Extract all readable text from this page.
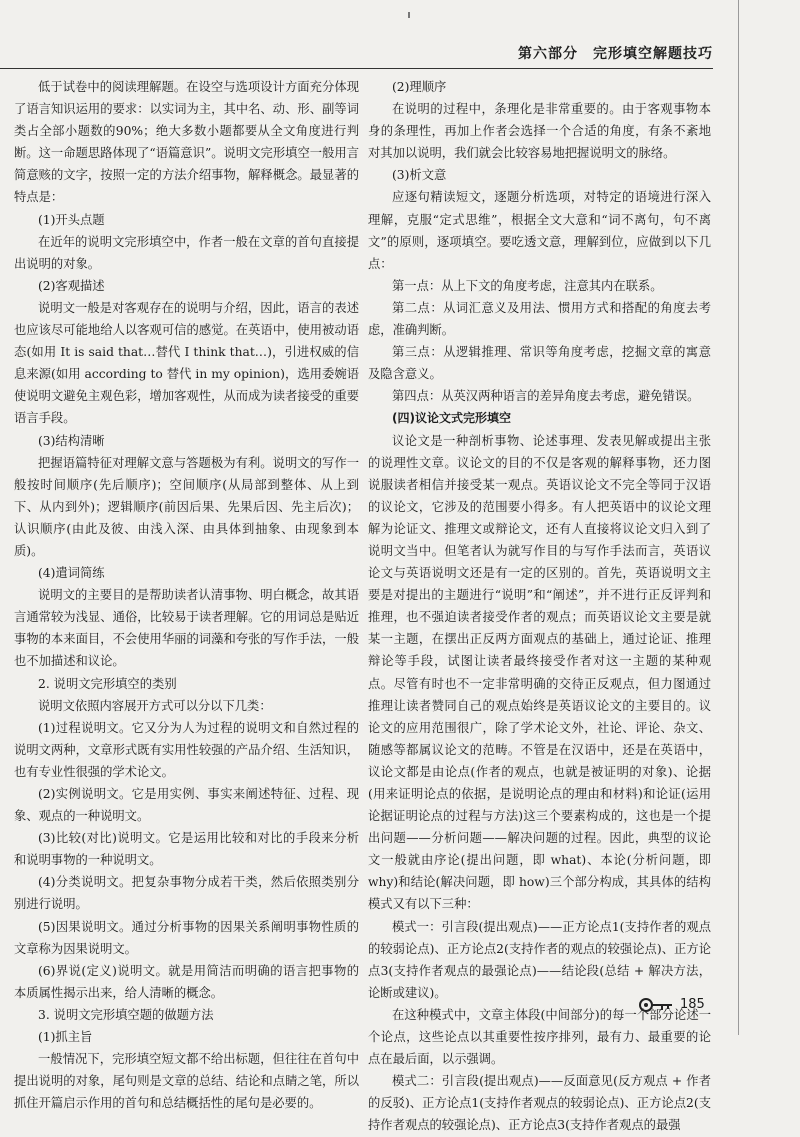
第六部分　完形填空解题技巧

低于试卷中的阅读理解题。在设空与选项设计方面充分体现了语言知识运用的要求：以实词为主，其中名、动、形、副等词类占全部小题数的90%；绝大多数小题都要从全文角度进行判断。这一命题思路体现了“语篇意识”。说明文完形填空一般用言简意赅的文字，按照一定的方法介绍事物，解释概念。最显著的特点是：

(1)开头点题

在近年的说明文完形填空中，作者一般在文章的首句直接提出说明的对象。

(2)客观描述

说明文一般是对客观存在的说明与介绍，因此，语言的表述也应该尽可能地给人以客观可信的感觉。在英语中，使用被动语态(如用 It is said that…替代 I think that…)，引进权威的信息来源(如用 according to 替代 in my opinion)，选用委婉语使说明文避免主观色彩，增加客观性，从而成为读者接受的重要语言手段。

(3)结构清晰

把握语篇特征对理解文意与答题极为有利。说明文的写作一般按时间顺序(先后顺序)；空间顺序(从局部到整体、从上到下、从内到外)；逻辑顺序(前因后果、先果后因、先主后次)；认识顺序(由此及彼、由浅入深、由具体到抽象、由现象到本质)。

(4)遣词简练

说明文的主要目的是帮助读者认清事物、明白概念，故其语言通常较为浅显、通俗，比较易于读者理解。它的用词总是贴近事物的本来面目，不会使用华丽的词藻和夸张的写作手法，一般也不加描述和议论。

2. 说明文完形填空的类别

说明文依照内容展开方式可以分以下几类：

(1)过程说明文。它又分为人为过程的说明文和自然过程的说明文两种，文章形式既有实用性较强的产品介绍、生活知识，也有专业性很强的学术论文。

(2)实例说明文。它是用实例、事实来阐述特征、过程、现象、观点的一种说明文。

(3)比较(对比)说明文。它是运用比较和对比的手段来分析和说明事物的一种说明文。

(4)分类说明文。把复杂事物分成若干类，然后依照类别分别进行说明。

(5)因果说明文。通过分析事物的因果关系阐明事物性质的文章称为因果说明文。

(6)界说(定义)说明文。就是用简洁而明确的语言把事物的本质属性揭示出来，给人清晰的概念。

3. 说明文完形填空题的做题方法

(1)抓主旨

一般情况下，完形填空短文都不给出标题，但往往在首句中提出说明的对象，尾句则是文章的总结、结论和点睛之笔，所以抓住开篇启示作用的首句和总结概括性的尾句是必要的。

(2)理顺序

在说明的过程中，条理化是非常重要的。由于客观事物本身的条理性，再加上作者会选择一个合适的角度，有条不紊地对其加以说明，我们就会比较容易地把握说明文的脉络。

(3)析文意

应逐句精读短文，逐题分析选项，对特定的语境进行深入理解，克服“定式思维”，根据全文大意和“词不离句，句不离文”的原则，逐项填空。要吃透文意，理解到位，应做到以下几点：

第一点：从上下文的角度考虑，注意其内在联系。

第二点：从词汇意义及用法、惯用方式和搭配的角度去考虑，准确判断。

第三点：从逻辑推理、常识等角度考虑，挖掘文章的寓意及隐含意义。

第四点：从英汉两种语言的差异角度去考虑，避免错误。

(四)议论文式完形填空

议论文是一种剖析事物、论述事理、发表见解或提出主张的说理性文章。议论文的目的不仅是客观的解释事物，还力图说服读者相信并接受某一观点。英语议论文不完全等同于汉语的议论文，它涉及的范围要小得多。有人把英语中的议论文理解为论证文、推理文或辩论文，还有人直接将议论文归入到了说明文当中。但笔者认为就写作目的与写作手法而言，英语议论文与英语说明文还是有一定的区别的。首先，英语说明文主要是对提出的主题进行“说明”和“阐述”，并不进行正反评判和推理，也不强迫读者接受作者的观点；而英语议论文主要是就某一主题，在摆出正反两方面观点的基础上，通过论证、推理辩论等手段，试图让读者最终接受作者对这一主题的某种观点。尽管有时也不一定非常明确的交待正反观点，但力图通过推理让读者赞同自己的观点始终是英语议论文的主要目的。议论文的应用范围很广，除了学术论文外，社论、评论、杂文、随感等都属议论文的范畴。不管是在汉语中，还是在英语中，议论文都是由论点(作者的观点，也就是被证明的对象)、论据(用来证明论点的依据，是说明论点的理由和材料)和论证(运用论据证明论点的过程与方法)这三个要素构成的，这也是一个提出问题——分析问题——解决问题的过程。因此，典型的议论文一般就由序论(提出问题，即 what)、本论(分析问题，即 why)和结论(解决问题，即 how)三个部分构成，其具体的结构模式又有以下三种：

模式一：引言段(提出观点)——正方论点1(支持作者的观点的较弱论点)、正方论点2(支持作者的观点的较强论点)、正方论点3(支持作者观点的最强论点)——结论段(总结 + 解决方法，论断或建议)。

在这种模式中，文章主体段(中间部分)的每一个部分论述一个论点，这些论点以其重要性按序排列，最有力、最重要的论点在最后面，以示强调。

模式二：引言段(提出观点)——反面意见(反方观点 + 作者的反驳)、正方论点1(支持作者观点的较弱论点)、正方论点2(支持作者观点的较强论点)、正方论点3(支持作者观点的最强

185
